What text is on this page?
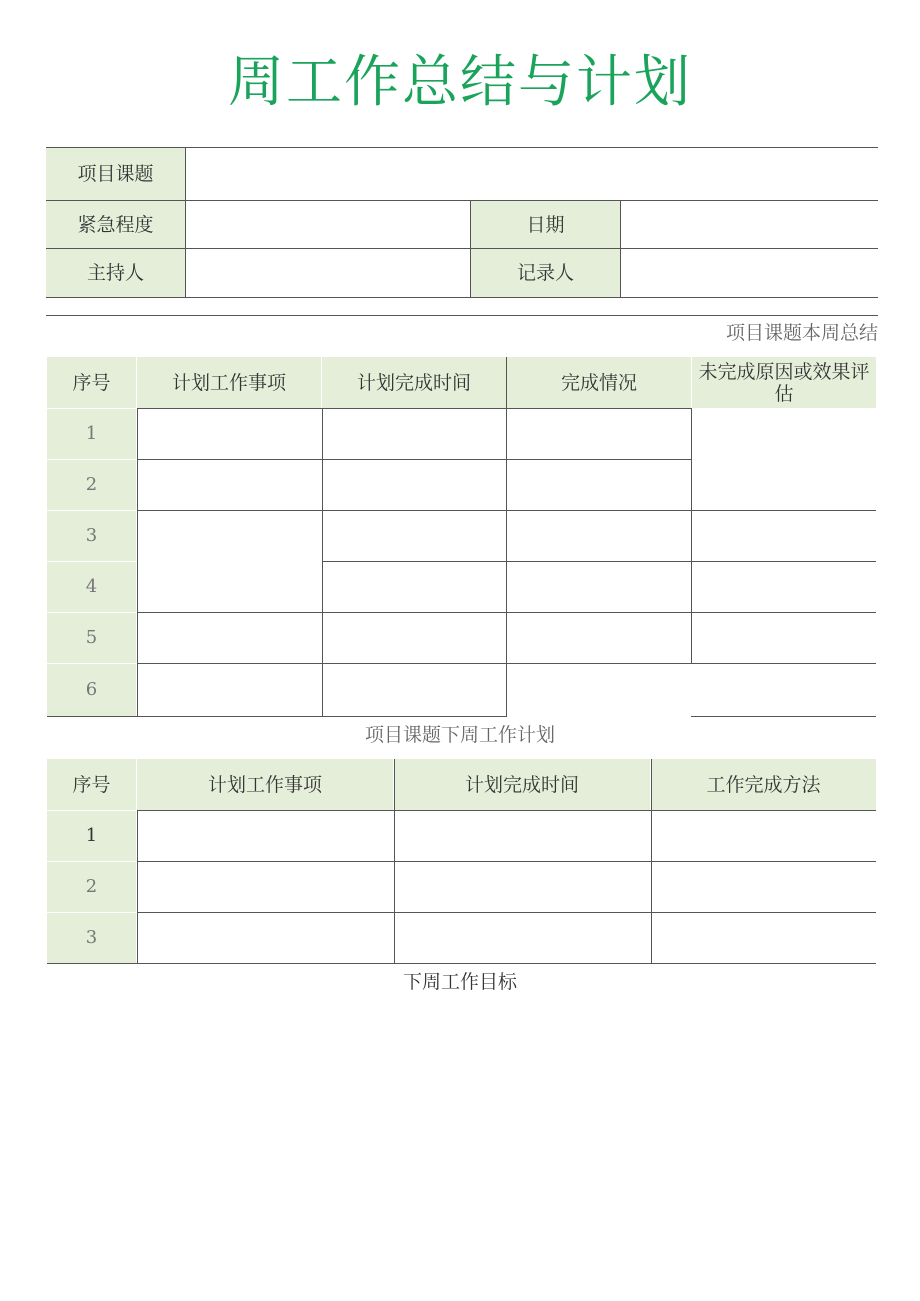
周工作总结与计划
项目课题
紧急程度	日期
主持人	记录人
项目课题本周总结
序号	计划工作事项	计划完成时间	完成情况	未完成原因或效果评估
1
2
3
4
5
6
项目课题下周工作计划
序号	计划工作事项	计划完成时间	工作完成方法
1
2
3
下周工作目标
